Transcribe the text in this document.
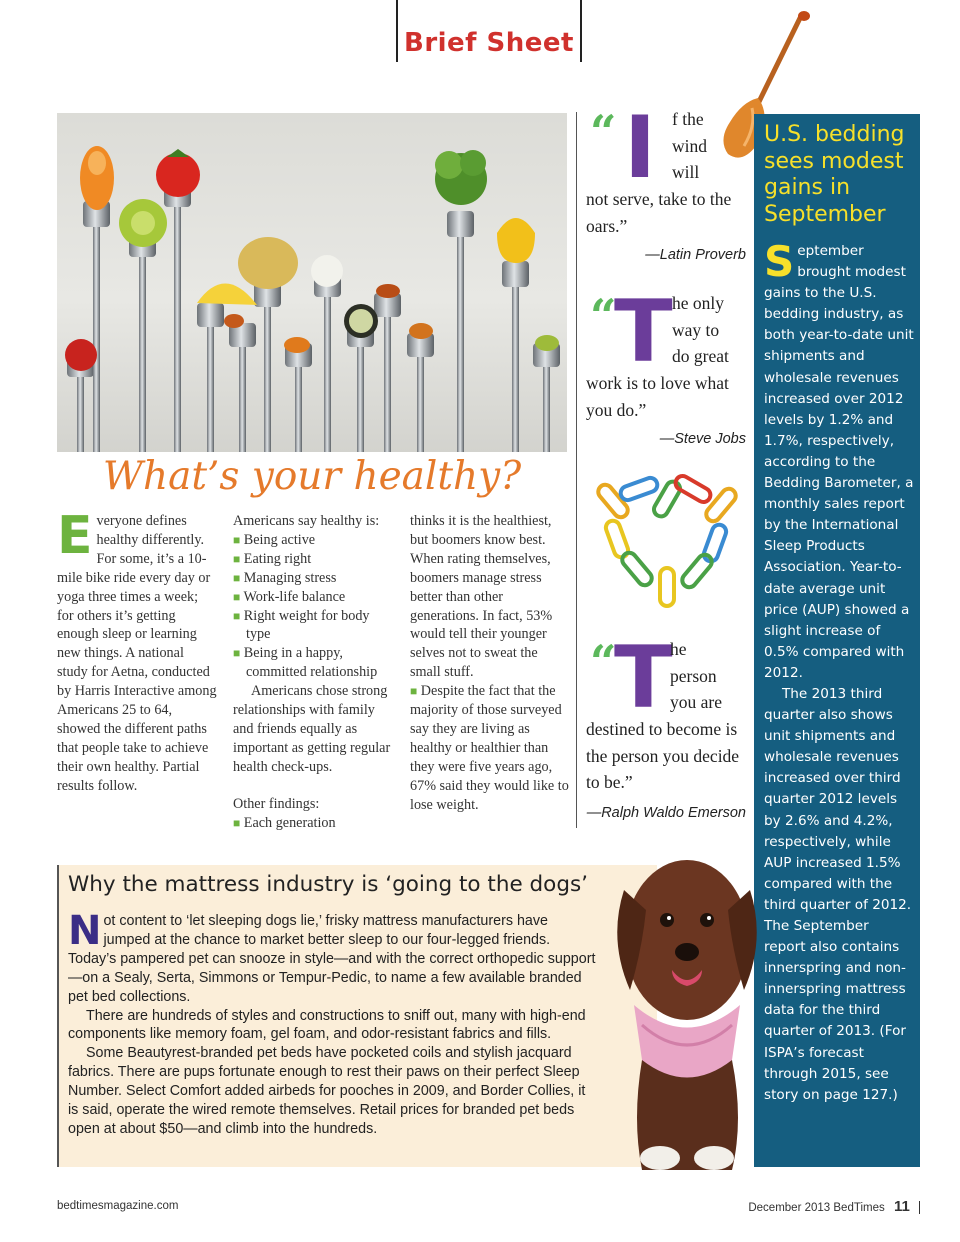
Brief Sheet
What’s your healthy?
Everyone defines healthy differently. For some, it’s a 10-mile bike ride every day or yoga three times a week; for others it’s getting enough sleep or learning new things. A national study for Aetna, conducted by Harris Interactive among Americans 25 to 64, showed the different paths that people take to achieve their own healthy. Partial results follow.
Americans say healthy is:
■ Being active
■ Eating right
■ Managing stress
■ Work-life balance
■ Right weight for body type
■ Being in a happy, committed relationship
Americans chose strong relationships with family and friends equally as important as getting regular health check-ups.
Other findings:
■ Each generation
thinks it is the healthiest, but boomers know best. When rating themselves, boomers manage stress better than other generations. In fact, 53% would tell their younger selves not to sweat the small stuff.
■ Despite the fact that the majority of those surveyed say they are living as healthy or healthier than they were five years ago, 67% said they would like to lose weight.
“ I f the
wind
will
not serve, take to the oars.”
—Latin Proverb
“
T he only
way to
do great
work is to love what you do.”
—Steve Jobs
“
T
he
person
you are
destined to become is the person you decide to be.”
—Ralph Waldo Emerson
U.S. bedding sees modest gains in September
September brought modest gains to the U.S. bedding industry, as both year-to-date unit shipments and wholesale revenues increased over 2012 levels by 1.2% and 1.7%, respectively, according to the Bedding Barometer, a monthly sales report by the International Sleep Products Association. Year-to-date average unit price (AUP) showed a slight increase of 0.5% compared with 2012.
The 2013 third quarter also shows unit shipments and wholesale revenues increased over third quarter 2012 levels by 2.6% and 4.2%, respectively, while AUP increased 1.5% compared with the third quarter of 2012. The September report also contains innerspring and non-innerspring mattress data for the third quarter of 2013. (For ISPA’s forecast through 2015, see story on page 127.)
Why the mattress industry is ‘going to the dogs’
Not content to ‘let sleeping dogs lie,’ frisky mattress manufacturers have jumped at the chance to market better sleep to our four-legged friends. Today’s pampered pet can snooze in style—and with the correct orthopedic support—on a Sealy, Serta, Simmons or Tempur-Pedic, to name a few available branded pet bed collections.
There are hundreds of styles and constructions to sniff out, many with high-end components like memory foam, gel foam, and odor-resistant fabrics and fills.
Some Beautyrest-branded pet beds have pocketed coils and stylish jacquard fabrics. There are pups fortunate enough to rest their paws on their perfect Sleep Number. Select Comfort added airbeds for pooches in 2009, and Border Collies, it is said, operate the wired remote themselves. Retail prices for branded pet beds open at about $50—and climb into the hundreds.
bedtimesmagazine.com	December 2013 BedTimes 11
